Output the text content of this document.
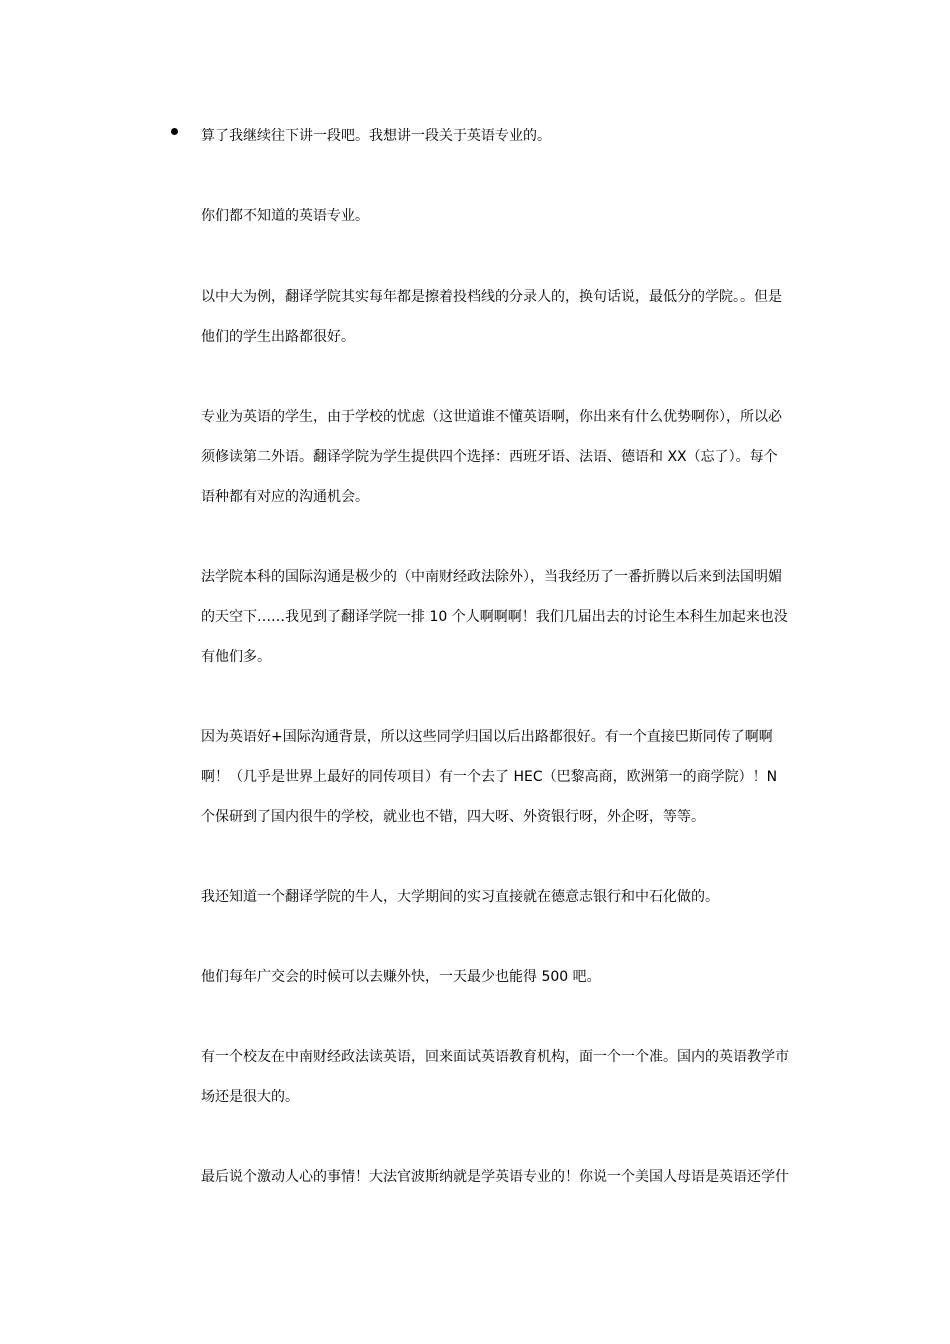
算了我继续往下讲一段吧。我想讲一段关于英语专业的。

你们都不知道的英语专业。

以中大为例，翻译学院其实每年都是擦着投档线的分录人的，换句话说，最低分的学院。。但是
他们的学生出路都很好。

专业为英语的学生，由于学校的忧虑（这世道谁不懂英语啊，你出来有什么优势啊你），所以必
须修读第二外语。翻译学院为学生提供四个选择：西班牙语、法语、德语和 XX（忘了）。每个
语种都有对应的沟通机会。

法学院本科的国际沟通是极少的（中南财经政法除外），当我经历了一番折腾以后来到法国明媚
的天空下……我见到了翻译学院一排 10 个人啊啊啊！我们几届出去的讨论生本科生加起来也没
有他们多。

因为英语好+国际沟通背景，所以这些同学归国以后出路都很好。有一个直接巴斯同传了啊啊
啊！（几乎是世界上最好的同传项目）有一个去了 HEC（巴黎高商，欧洲第一的商学院）！N
个保研到了国内很牛的学校，就业也不错，四大呀、外资银行呀，外企呀，等等。

我还知道一个翻译学院的牛人，大学期间的实习直接就在德意志银行和中石化做的。

他们每年广交会的时候可以去赚外快，一天最少也能得 500 吧。

有一个校友在中南财经政法读英语，回来面试英语教育机构，面一个一个准。国内的英语教学市
场还是很大的。

最后说个激动人心的事情！大法官波斯纳就是学英语专业的！你说一个美国人母语是英语还学什
